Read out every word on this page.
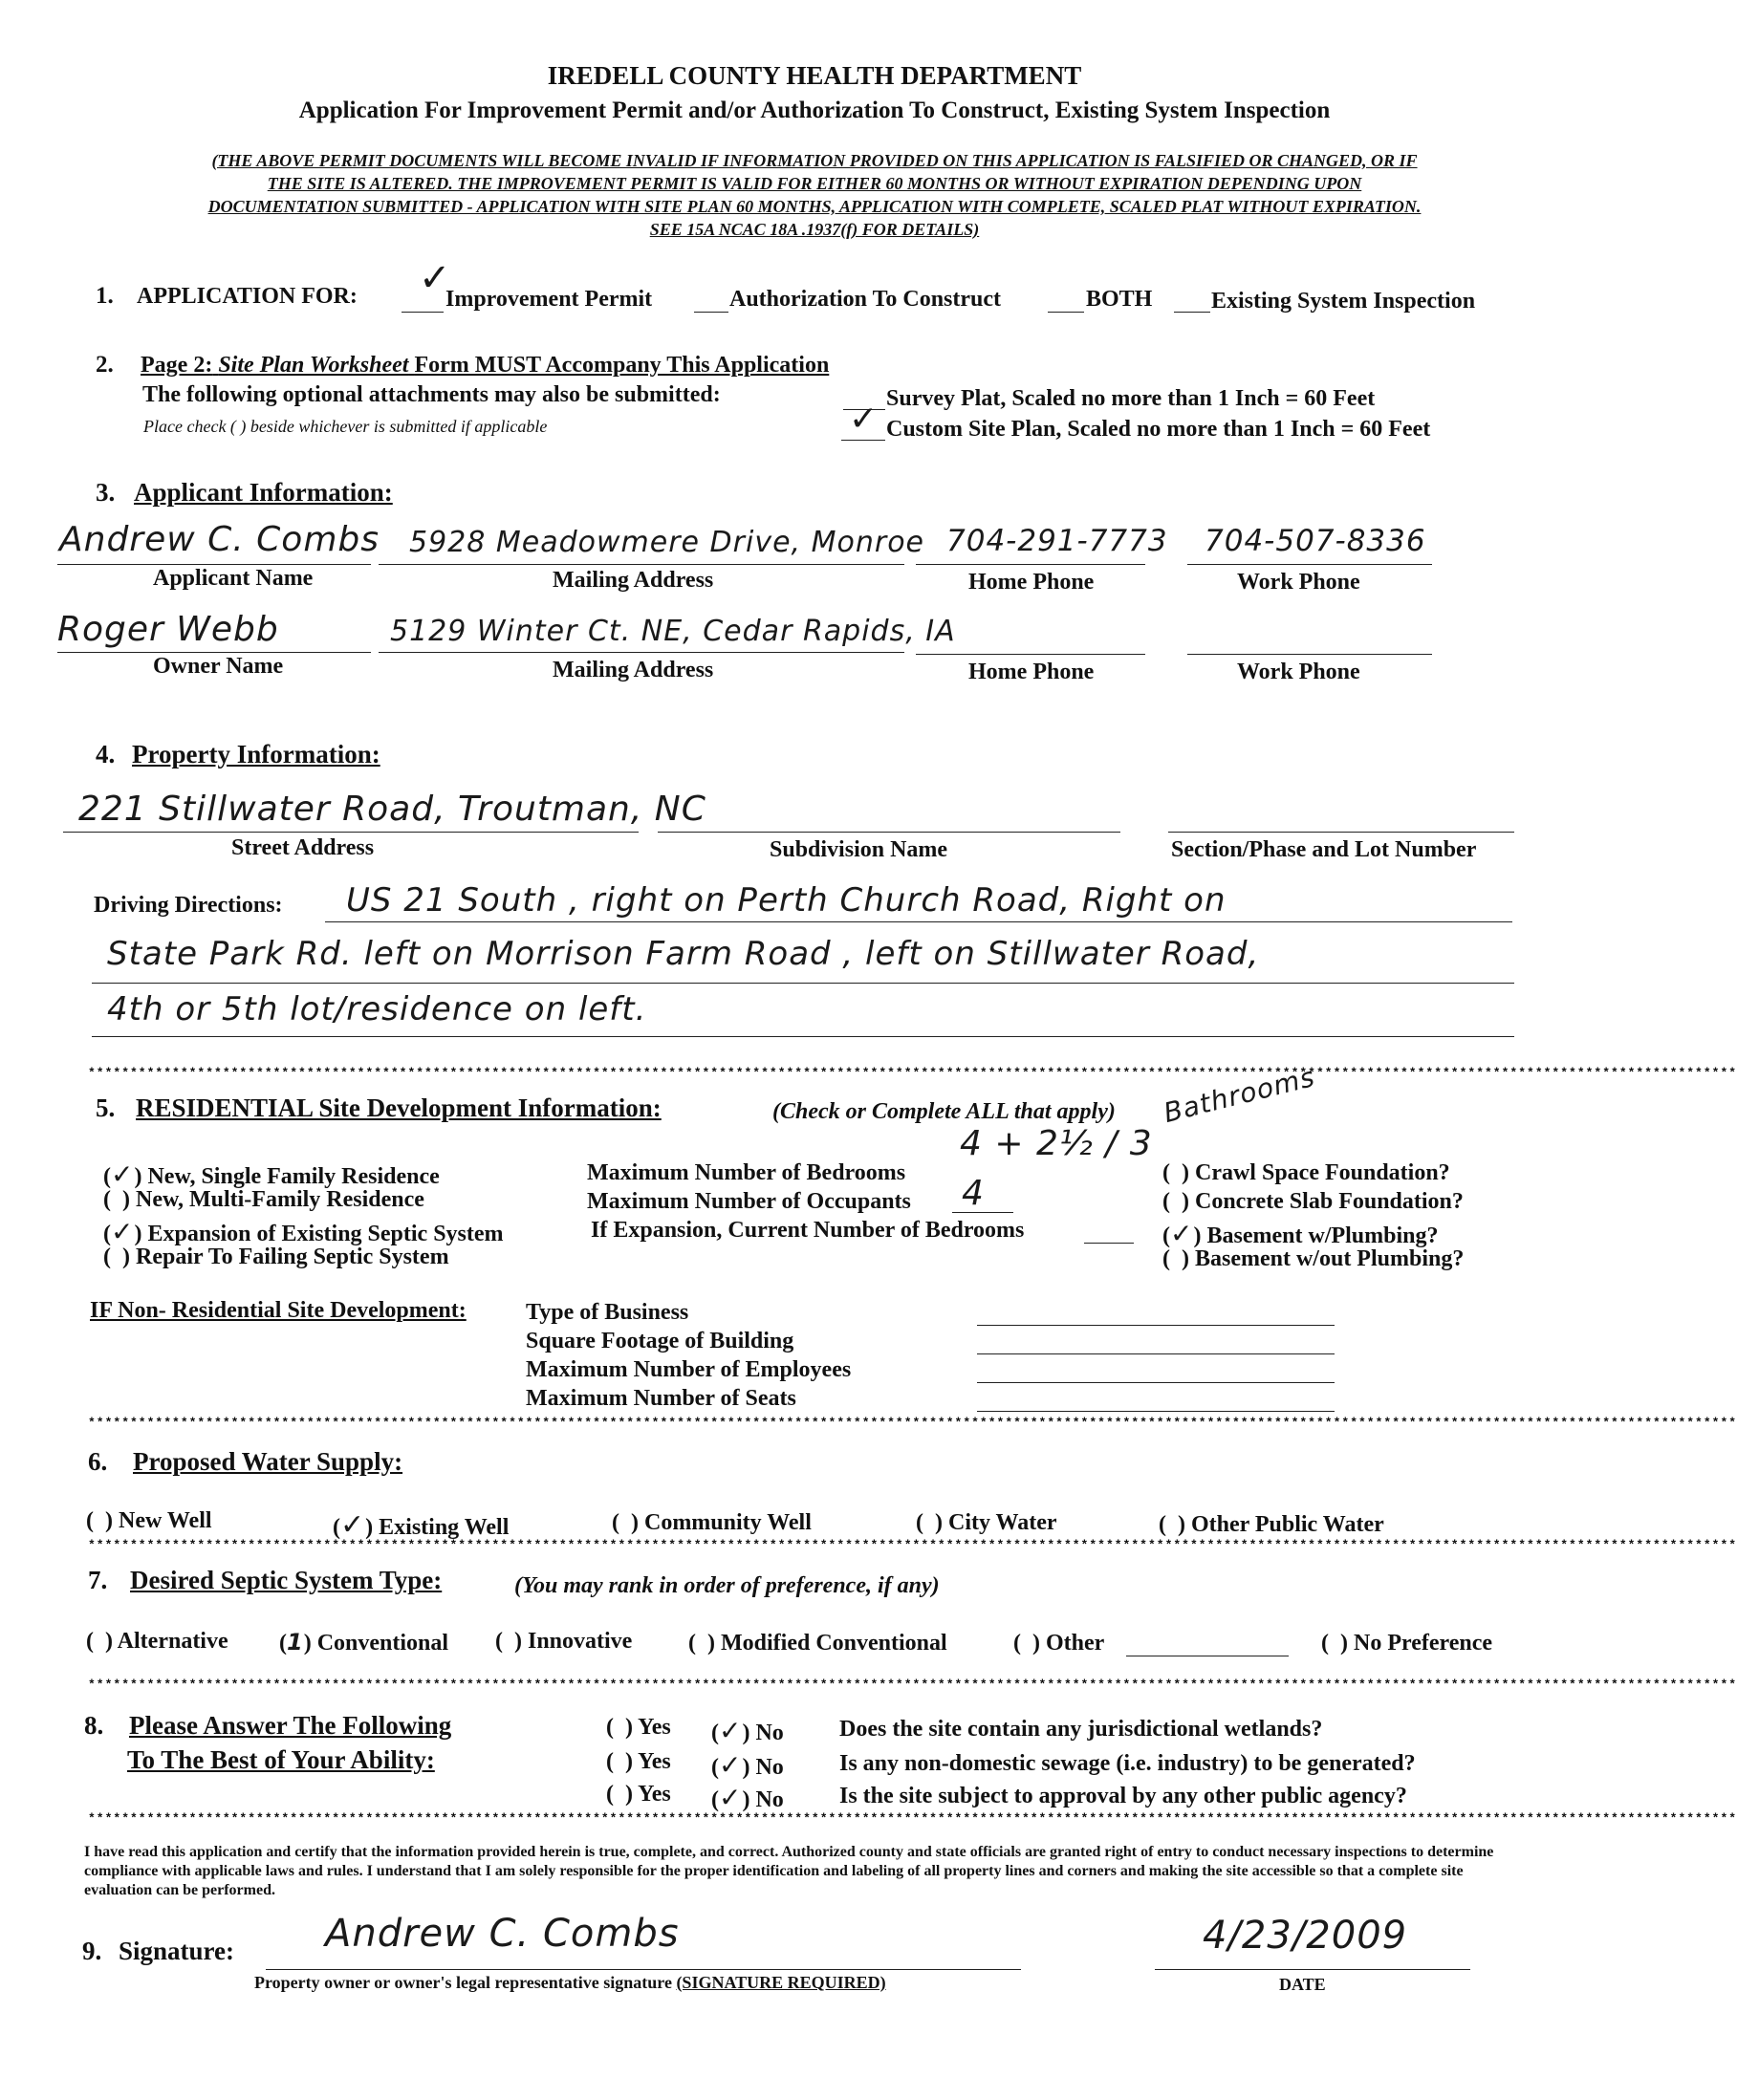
IREDELL COUNTY HEALTH DEPARTMENT
Application For Improvement Permit and/or Authorization To Construct, Existing System Inspection
(THE ABOVE PERMIT DOCUMENTS WILL BECOME INVALID IF INFORMATION PROVIDED ON THIS APPLICATION IS FALSIFIED OR CHANGED, OR IF
THE SITE IS ALTERED. THE IMPROVEMENT PERMIT IS VALID FOR EITHER 60 MONTHS OR WITHOUT EXPIRATION DEPENDING UPON
DOCUMENTATION SUBMITTED - APPLICATION WITH SITE PLAN 60 MONTHS, APPLICATION WITH COMPLETE, SCALED PLAT WITHOUT EXPIRATION.
SEE 15A NCAC 18A .1937(f) FOR DETAILS)
1. APPLICATION FOR: ✓
Improvement Permit	Authorization To Construct	BOTH	Existing System Inspection
2. Page 2: Site Plan Worksheet Form MUST Accompany This Application
The following optional attachments may also be submitted:
Place check ( ) beside whichever is submitted if applicable
Survey Plat, Scaled no more than 1 Inch = 60 Feet
✓ Custom Site Plan, Scaled no more than 1 Inch = 60 Feet
3. Applicant Information:
Andrew C. Combs 5928 Meadowmere Drive, Monroe 704-291-7773 704-507-8336
Applicant Name	Mailing Address	Home Phone	Work Phone
Roger Webb	5129 Winter Ct. NE, Cedar Rapids, IA
Owner Name	Mailing Address	Home Phone	Work Phone
4. Property Information:
221 Stillwater Road, Troutman, NC
Street Address	Subdivision Name	Section/Phase and Lot Number
Driving Directions: US 21 South , right on Perth Church Road, Right on
State Park Rd. left on Morrison Farm Road , left on Stillwater Road,
4th or 5th lot/residence on left.
****************************************************************************************************************************************************************************************************
5. RESIDENTIAL Site Development Information:	(Check or Complete ALL that apply) Bathrooms
(✓) New, Single Family Residence
(  ) New, Multi-Family Residence
(✓) Expansion of Existing Septic System
(  ) Repair To Failing Septic System
Maximum Number of Bedrooms
4 + 2½ / 3
Maximum Number of Occupants 4
If Expansion, Current Number of Bedrooms
(  ) Crawl Space Foundation?
(  ) Concrete Slab Foundation?
(✓) Basement w/Plumbing?
(  ) Basement w/out Plumbing?
IF Non- Residential Site Development:	Type of Business
Square Footage of Building
Maximum Number of Employees
Maximum Number of Seats
****************************************************************************************************************************************************************************************************
6. Proposed Water Supply:
(  ) New Well	(✓) Existing Well	(  ) Community Well	(  ) City Water	(  ) Other Public Water
****************************************************************************************************************************************************************************************************
7. Desired Septic System Type:	(You may rank in order of preference, if any)
(  ) Alternative (1) Conventional (  ) Innovative (  ) Modified Conventional	(  ) Other	(  ) No Preference
****************************************************************************************************************************************************************************************************
8. Please Answer The Following
To The Best of Your Ability:
(  ) Yes (✓) No Does the site contain any jurisdictional wetlands?
(  ) Yes (✓) No Is any non-domestic sewage (i.e. industry) to be generated?
(  ) Yes (✓) No Is the site subject to approval by any other public agency?
****************************************************************************************************************************************************************************************************
I have read this application and certify that the information provided herein is true, complete, and correct. Authorized county and state officials are granted right of entry to conduct necessary inspections to determine compliance with applicable laws and rules. I understand that I am solely responsible for the proper identification and labeling of all property lines and corners and making the site accessible so that a complete site evaluation can be performed.
9. Signature: Andrew C. Combs
Property owner or owner's legal representative signature (SIGNATURE REQUIRED)
4/23/2009
DATE
